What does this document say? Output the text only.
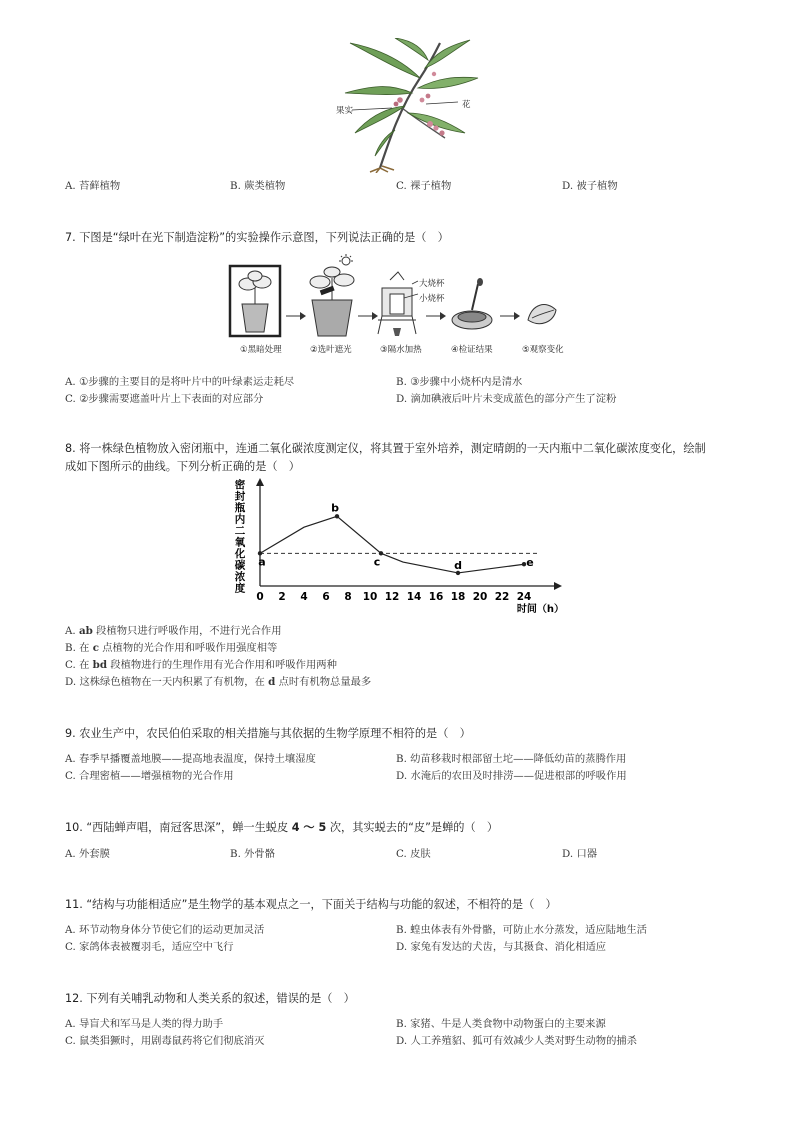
果实
花
A. 苔藓植物	B. 蕨类植物	C. 裸子植物	D. 被子植物
7. 下图是“绿叶在光下制造淀粉”的实验操作示意图，下列说法正确的是（　）
大烧杯
小烧杯
①黑暗处理	②选叶遮光	③隔水加热	④检证结果	⑤观察变化
A. ①步骤的主要目的是将叶片中的叶绿素运走耗尽	B. ③步骤中小烧杯内是清水
C. ②步骤需要遮盖叶片上下表面的对应部分	D. 滴加碘液后叶片未变成蓝色的部分产生了淀粉
8. 将一株绿色植物放入密闭瓶中，连通二氧化碳浓度测定仪，将其置于室外培养，测定晴朗的一天内瓶中二氧化碳浓度变化，绘制
成如下图所示的曲线。下列分析正确的是（　）
密封瓶内二氧化碳浓度
0 2 4 6 8 10 12 14 16 18 20 22 24
时间（h）
a
b
c	d	e
A. ab 段植物只进行呼吸作用，不进行光合作用
B. 在 c 点植物的光合作用和呼吸作用强度相等
C. 在 bd 段植物进行的生理作用有光合作用和呼吸作用两种
D. 这株绿色植物在一天内积累了有机物，在 d 点时有机物总量最多
9. 农业生产中，农民伯伯采取的相关措施与其依据的生物学原理不相符的是（　）
A. 春季早播覆盖地膜——提高地表温度，保持土壤湿度	B. 幼苗移栽时根部留土坨——降低幼苗的蒸腾作用
C. 合理密植——增强植物的光合作用	D. 水淹后的农田及时排涝——促进根部的呼吸作用
10. “西陆蝉声唱，南冠客思深”，蝉一生蜕皮 4 ～ 5 次，其实蜕去的“皮”是蝉的（　）
A. 外套膜	B. 外骨骼	C. 皮肤	D. 口器
11. “结构与功能相适应”是生物学的基本观点之一，下面关于结构与功能的叙述，不相符的是（　）
A. 环节动物身体分节使它们的运动更加灵活	B. 蝗虫体表有外骨骼，可防止水分蒸发，适应陆地生活
C. 家鸽体表被覆羽毛，适应空中飞行	D. 家兔有发达的犬齿，与其摄食、消化相适应
12. 下列有关哺乳动物和人类关系的叙述，错误的是（　）
A. 导盲犬和军马是人类的得力助手	B. 家猪、牛是人类食物中动物蛋白的主要来源
C. 鼠类猖獗时，用剧毒鼠药将它们彻底消灭	D. 人工养殖貂、狐可有效减少人类对野生动物的捕杀
